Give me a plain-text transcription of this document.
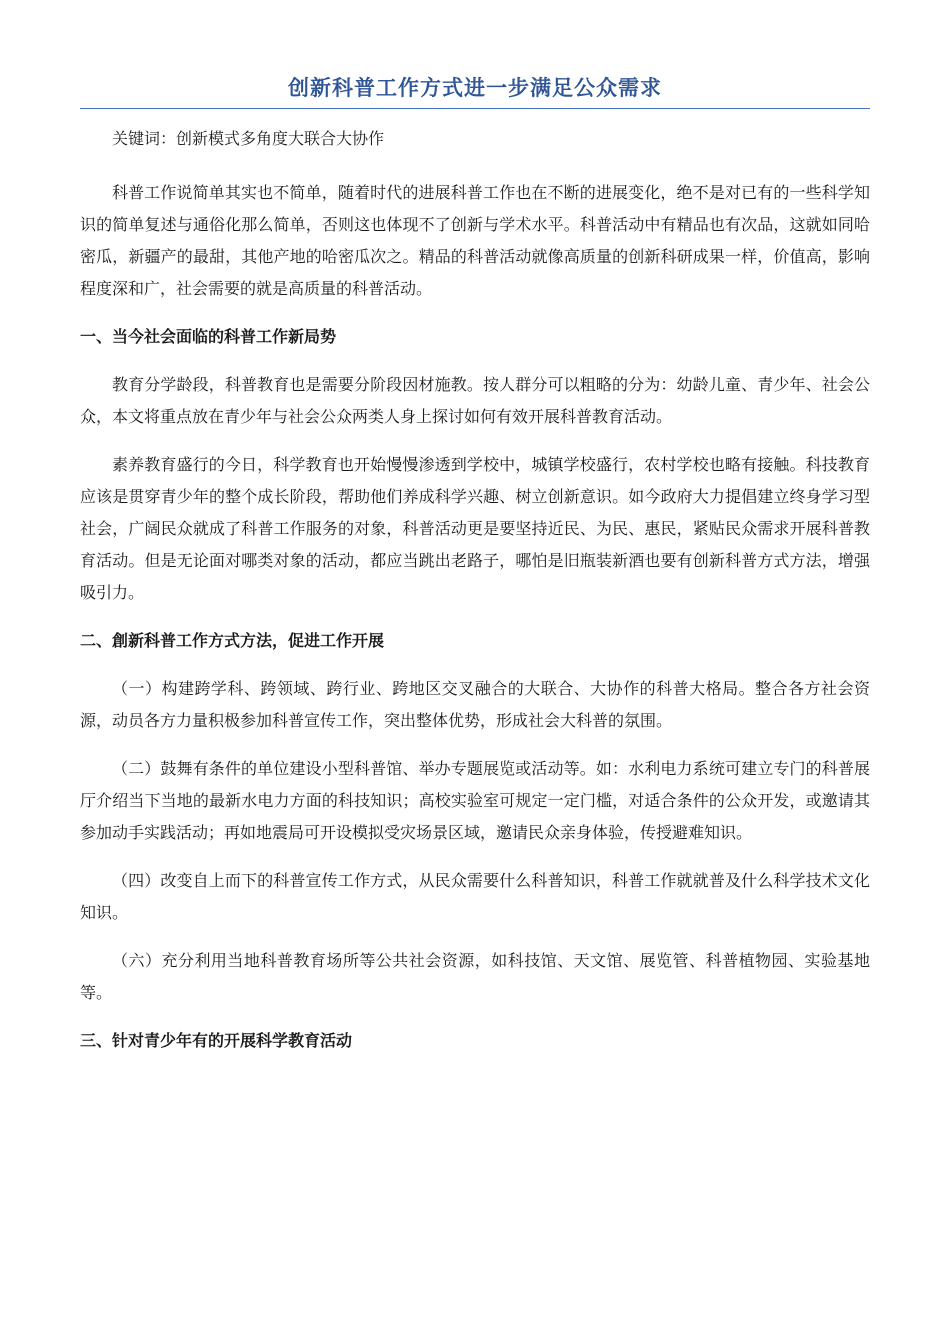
创新科普工作方式进一步满足公众需求

关键词：创新模式多角度大联合大协作

科普工作说简单其实也不简单，随着时代的进展科普工作也在不断的进展变化，绝不是对已有的一些科学知识的简单复述与通俗化那么简单，否则这也体现不了创新与学术水平。科普活动中有精品也有次品，这就如同哈密瓜，新疆产的最甜，其他产地的哈密瓜次之。精品的科普活动就像高质量的创新科研成果一样，价值高，影响程度深和广，社会需要的就是高质量的科普活动。

一、当今社会面临的科普工作新局势

教育分学龄段，科普教育也是需要分阶段因材施教。按人群分可以粗略的分为：幼龄儿童、青少年、社会公众，本文将重点放在青少年与社会公众两类人身上探讨如何有效开展科普教育活动。

素养教育盛行的今日，科学教育也开始慢慢渗透到学校中，城镇学校盛行，农村学校也略有接触。科技教育应该是贯穿青少年的整个成长阶段，帮助他们养成科学兴趣、树立创新意识。如今政府大力提倡建立终身学习型社会，广阔民众就成了科普工作服务的对象，科普活动更是要坚持近民、为民、惠民，紧贴民众需求开展科普教育活动。但是无论面对哪类对象的活动，都应当跳出老路子，哪怕是旧瓶装新酒也要有创新科普方式方法，增强吸引力。

二、創新科普工作方式方法，促进工作开展

（一）构建跨学科、跨领域、跨行业、跨地区交叉融合的大联合、大协作的科普大格局。整合各方社会资源，动员各方力量积极参加科普宣传工作，突出整体优势，形成社会大科普的氛围。

（二）鼓舞有条件的单位建设小型科普馆、举办专题展览或活动等。如：水利电力系统可建立专门的科普展厅介绍当下当地的最新水电力方面的科技知识；高校实验室可规定一定门槛，对适合条件的公众开发，或邀请其参加动手实践活动；再如地震局可开设模拟受灾场景区域，邀请民众亲身体验，传授避难知识。

（四）改变自上而下的科普宣传工作方式，从民众需要什么科普知识，科普工作就就普及什么科学技术文化知识。

（六）充分利用当地科普教育场所等公共社会资源，如科技馆、天文馆、展览管、科普植物园、实验基地等。

三、针对青少年有的开展科学教育活动
